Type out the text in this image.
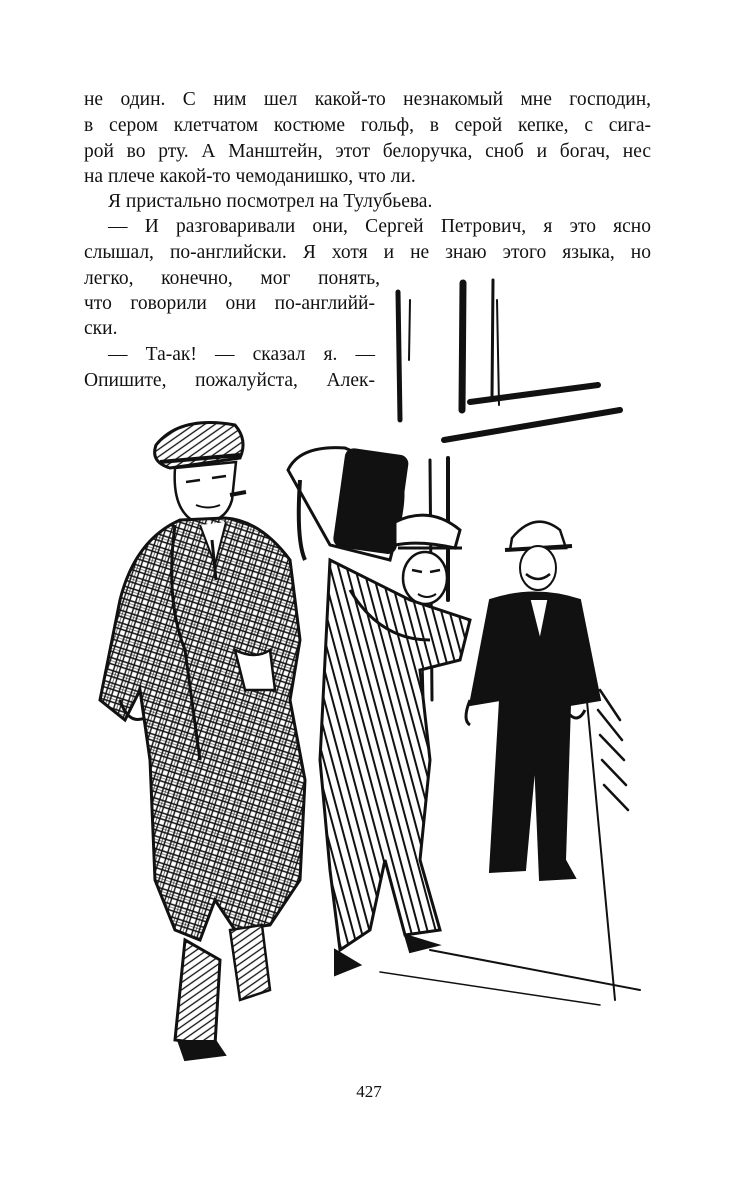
не один. С ним шел какой-то незнакомый мне господин,
в сером клетчатом костюме гольф, в серой кепке, с сига-
рой во рту. А Манштейн, этот белоручка, сноб и богач, нес
на плече какой-то чемоданишко, что ли.
Я пристально посмотрел на Тулубьева.
— И разговаривали они, Сергей Петрович, я это ясно
слышал, по-английски. Я хотя и не знаю этого языка, но
легко, конечно, мог понять,
что говорили они по-английй-
ски.
— Та-ак! — сказал я. —
Опишите, пожалуйста, Алек-
427
